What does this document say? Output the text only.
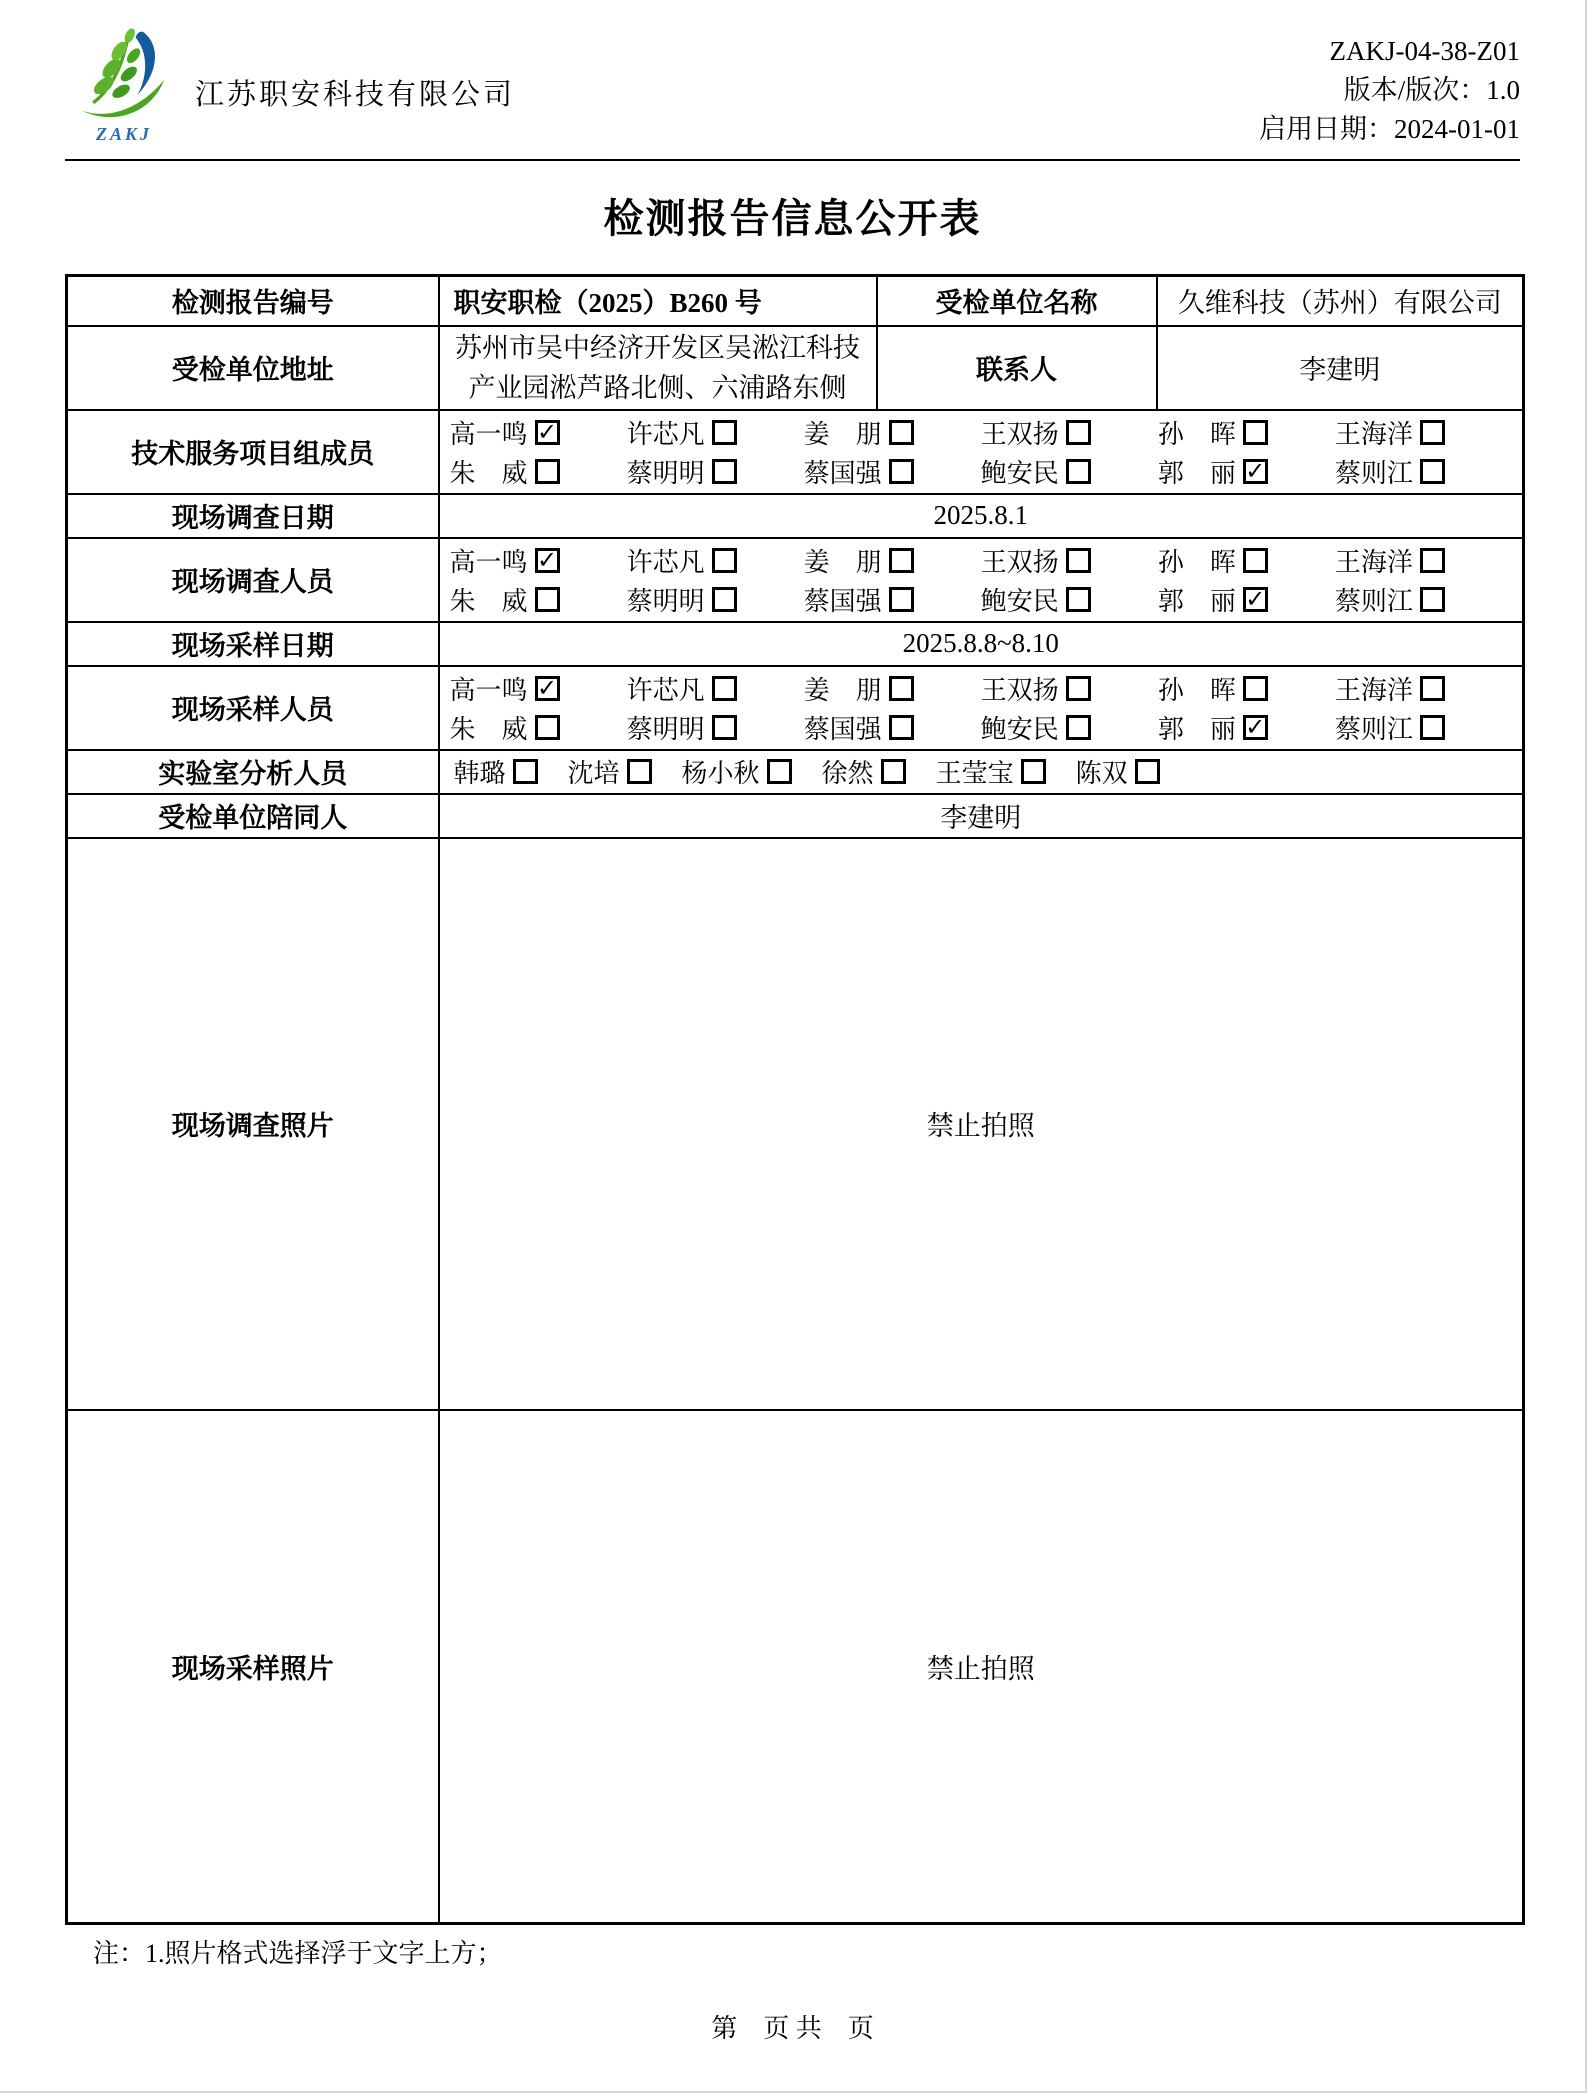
ZAKJ
江苏职安科技有限公司
ZAKJ-04-38-Z01
版本/版次：1.0
启用日期：2024-01-01
检测报告信息公开表
检测报告编号	职安职检（2025）B260 号	受检单位名称	久维科技（苏州）有限公司
受检单位地址	苏州市吴中经济开发区吴淞江科技
产业园淞芦路北侧、六浦路东侧	联系人	李建明
技术服务项目组成员	
高一鸣 ✓	许芯凡	姜　朋	王双扬	孙　晖	王海洋
朱　威	蔡明明	蔡国强	鲍安民	郭　丽 ✓	蔡则江

现场调查日期	2025.8.1		
现场调查人员	
高一鸣 ✓	许芯凡	姜　朋	王双扬	孙　晖	王海洋
朱　威	蔡明明	蔡国强	鲍安民	郭　丽 ✓	蔡则江

现场采样日期	2025.8.8~8.10		
现场采样人员	
高一鸣 ✓	许芯凡	姜　朋	王双扬	孙　晖	王海洋
朱　威	蔡明明	蔡国强	鲍安民	郭　丽 ✓	蔡则江

实验室分析人员	韩璐 沈培 杨小秋 徐然 王莹宝 陈双

受检单位陪同人	李建明		
现场调查照片	禁止拍照		
现场采样照片	禁止拍照		
注：1.照片格式选择浮于文字上方；
第　页 共　页
